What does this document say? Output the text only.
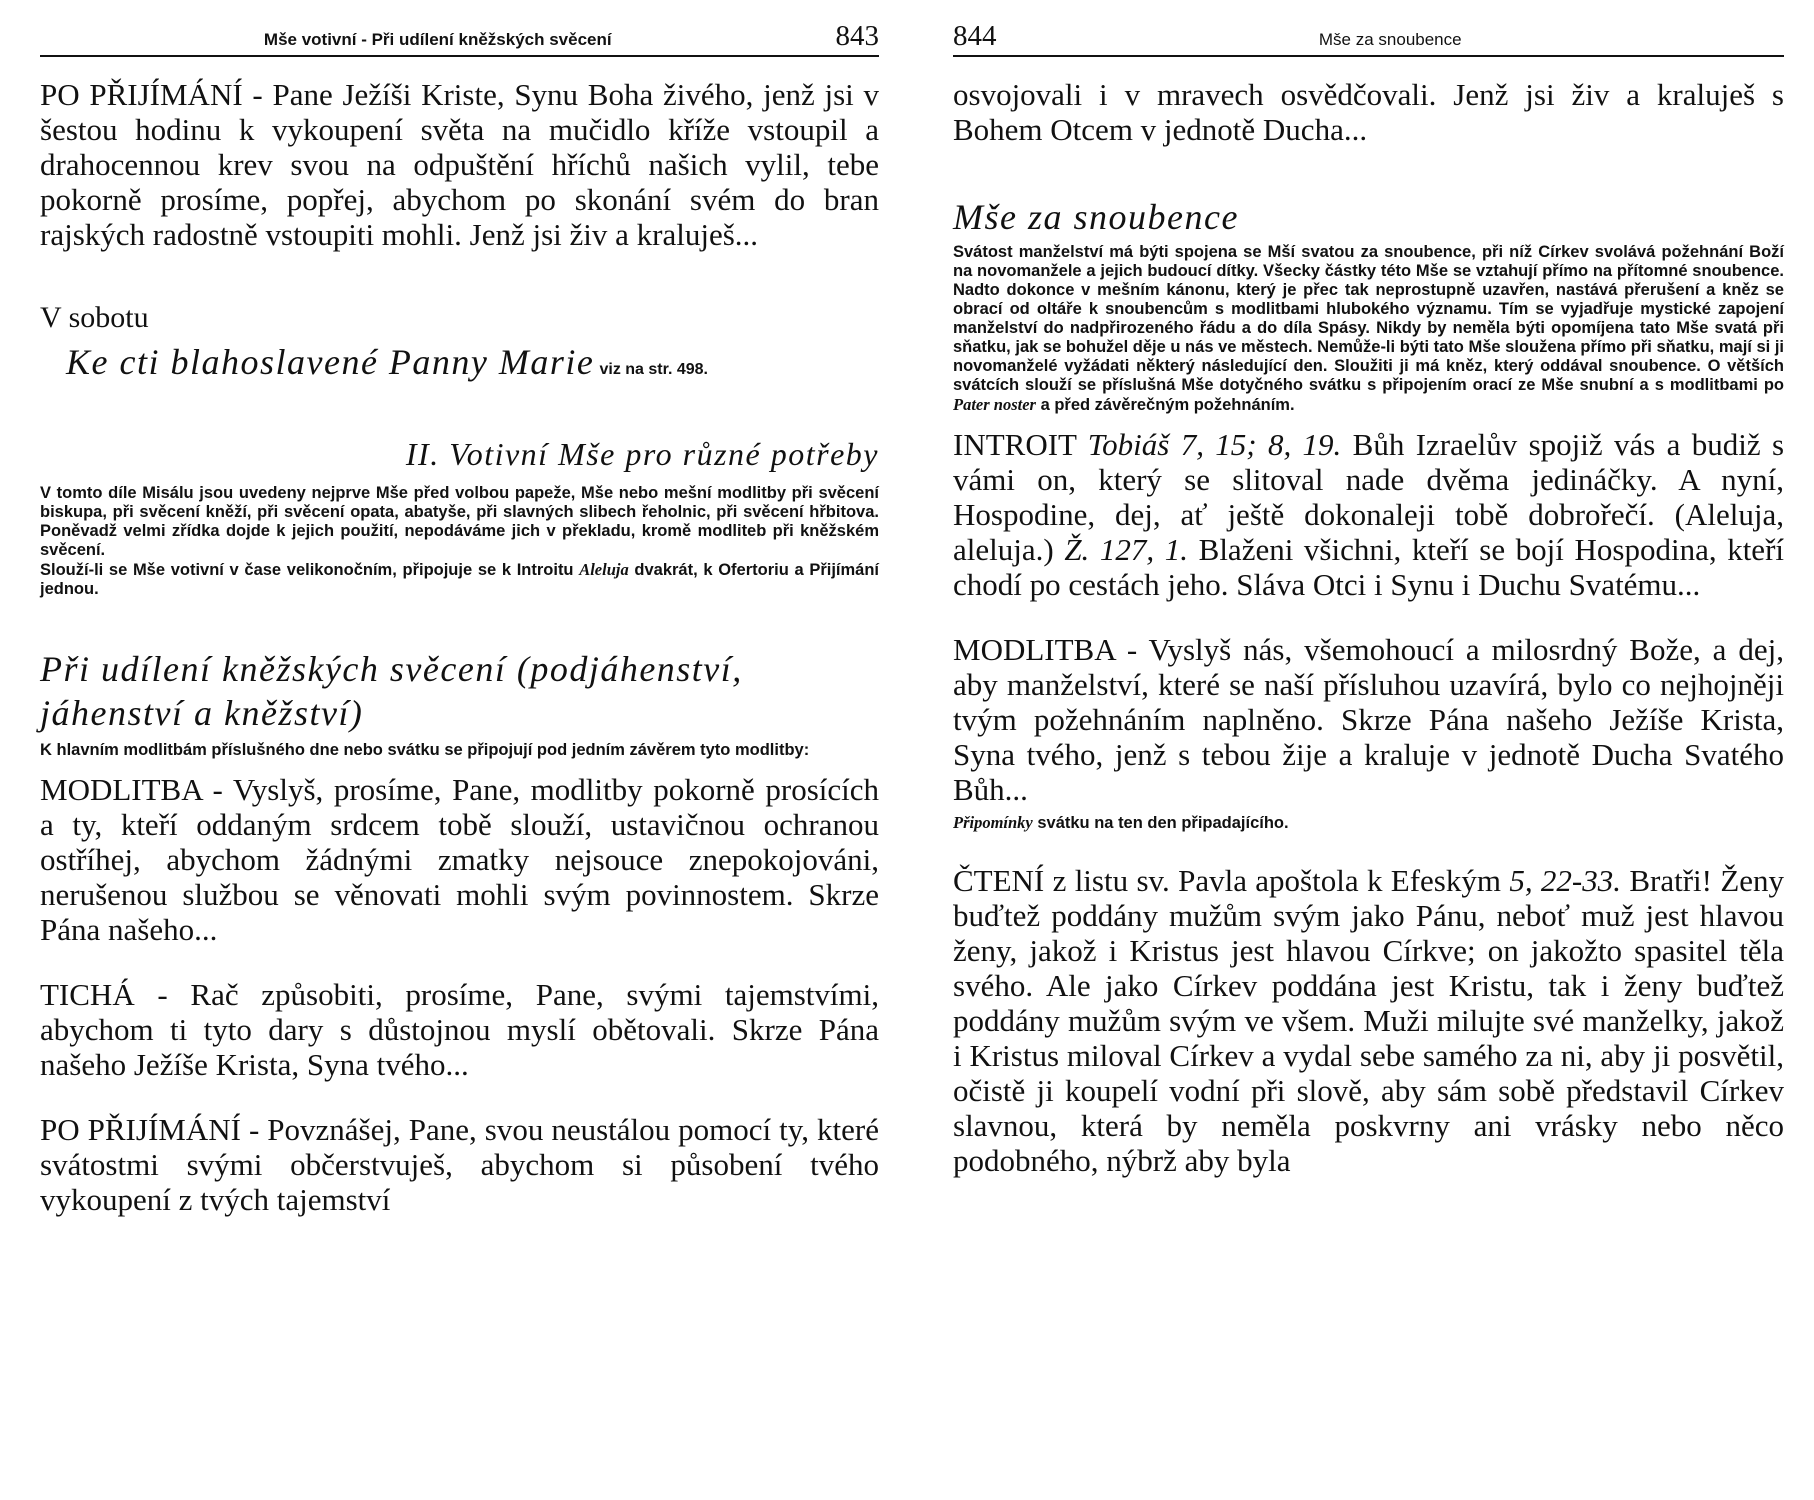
Mše votivní - Při udílení kněžských svěcení	843

PO PŘIJÍMÁNÍ - Pane Ježíši Kriste, Synu Boha živého, jenž jsi v šestou hodinu k vykoupení světa na mučidlo kříže vstoupil a drahocennou krev svou na odpuštění hříchů našich vylil, tebe pokorně prosíme, popřej, abychom po skonání svém do bran rajských radostně vstoupiti mohli. Jenž jsi živ a kraluješ...

V sobotu
Ke cti blahoslavené Panny Marie viz na str. 498.
II. Votivní Mše pro různé potřeby

V tomto díle Misálu jsou uvedeny nejprve Mše před volbou papeže, Mše nebo mešní modlitby při svěcení biskupa, při svěcení kněží, při svěcení opata, abatyše, při slavných slibech řeholnic, při svěcení hřbitova. Poněvadž velmi zřídka dojde k jejich použití, nepodáváme jich v překladu, kromě modliteb při kněžském svěcení.

Slouží-li se Mše votivní v čase velikonočním, připojuje se k Introitu Aleluja dvakrát, k Ofertoriu a Přijímání jednou.

Při udílení kněžských svěcení (podjáhenství, jáhenství a kněžství)

K hlavním modlitbám příslušného dne nebo svátku se připojují pod jedním závěrem tyto modlitby:

MODLITBA - Vyslyš, prosíme, Pane, modlitby pokorně prosících a ty, kteří oddaným srdcem tobě slouží, ustavičnou ochranou ostříhej, abychom žádnými zmatky nejsouce znepokojováni, nerušenou službou se věnovati mohli svým povinnostem. Skrze Pána našeho...

TICHÁ - Rač způsobiti, prosíme, Pane, svými tajemstvími, abychom ti tyto dary s důstojnou myslí obětovali. Skrze Pána našeho Ježíše Krista, Syna tvého...

PO PŘIJÍMÁNÍ - Povznášej, Pane, svou neustálou pomocí ty, které svátostmi svými občerstvuješ, abychom si působení tvého vykoupení z tvých tajemství

844	Mše za snoubence

osvojovali i v mravech osvědčovali. Jenž jsi živ a kraluješ s Bohem Otcem v jednotě Ducha...

Mše za snoubence

Svátost manželství má býti spojena se Mší svatou za snoubence, při níž Církev svolává požehnání Boží na novomanžele a jejich budoucí dítky. Všecky částky této Mše se vztahují přímo na přítomné snoubence. Nadto dokonce v mešním kánonu, který je přec tak neprostupně uzavřen, nastává přerušení a kněz se obrací od oltáře k snoubencům s modlitbami hlubokého významu. Tím se vyjadřuje mystické zapojení manželství do nadpřirozeného řádu a do díla Spásy. Nikdy by neměla býti opomíjena tato Mše svatá při sňatku, jak se bohužel děje u nás ve městech. Nemůže-li býti tato Mše sloužena přímo při sňatku, mají si ji novomanželé vyžádati některý následující den. Sloužiti ji má kněz, který oddával snoubence. O větších svátcích slouží se příslušná Mše dotyčného svátku s připojením orací ze Mše snubní a s modlitbami po Pater noster a před závěrečným požehnáním.

INTROIT Tobiáš 7, 15; 8, 19. Bůh Izraelův spojiž vás a budiž s vámi on, který se slitoval nade dvěma jedináčky. A nyní, Hospodine, dej, ať ještě dokonaleji tobě dobrořečí. (Aleluja, aleluja.) Ž. 127, 1. Blaženi všichni, kteří se bojí Hospodina, kteří chodí po cestách jeho. Sláva Otci i Synu i Duchu Svatému...

MODLITBA - Vyslyš nás, všemohoucí a milosrdný Bože, a dej, aby manželství, které se naší přísluhou uzavírá, bylo co nejhojněji tvým požehnáním naplněno. Skrze Pána našeho Ježíše Krista, Syna tvého, jenž s tebou žije a kraluje v jednotě Ducha Svatého Bůh...

Připomínky svátku na ten den připadajícího.

ČTENÍ z listu sv. Pavla apoštola k Efeským 5, 22-33. Bratři! Ženy buďtež poddány mužům svým jako Pánu, neboť muž jest hlavou ženy, jakož i Kristus jest hlavou Církve; on jakožto spasitel těla svého. Ale jako Církev poddána jest Kristu, tak i ženy buďtež poddány mužům svým ve všem. Muži milujte své manželky, jakož i Kristus miloval Církev a vydal sebe samého za ni, aby ji posvětil, očistě ji koupelí vodní při slově, aby sám sobě představil Církev slavnou, která by neměla poskvrny ani vrásky nebo něco podobného, nýbrž aby byla
